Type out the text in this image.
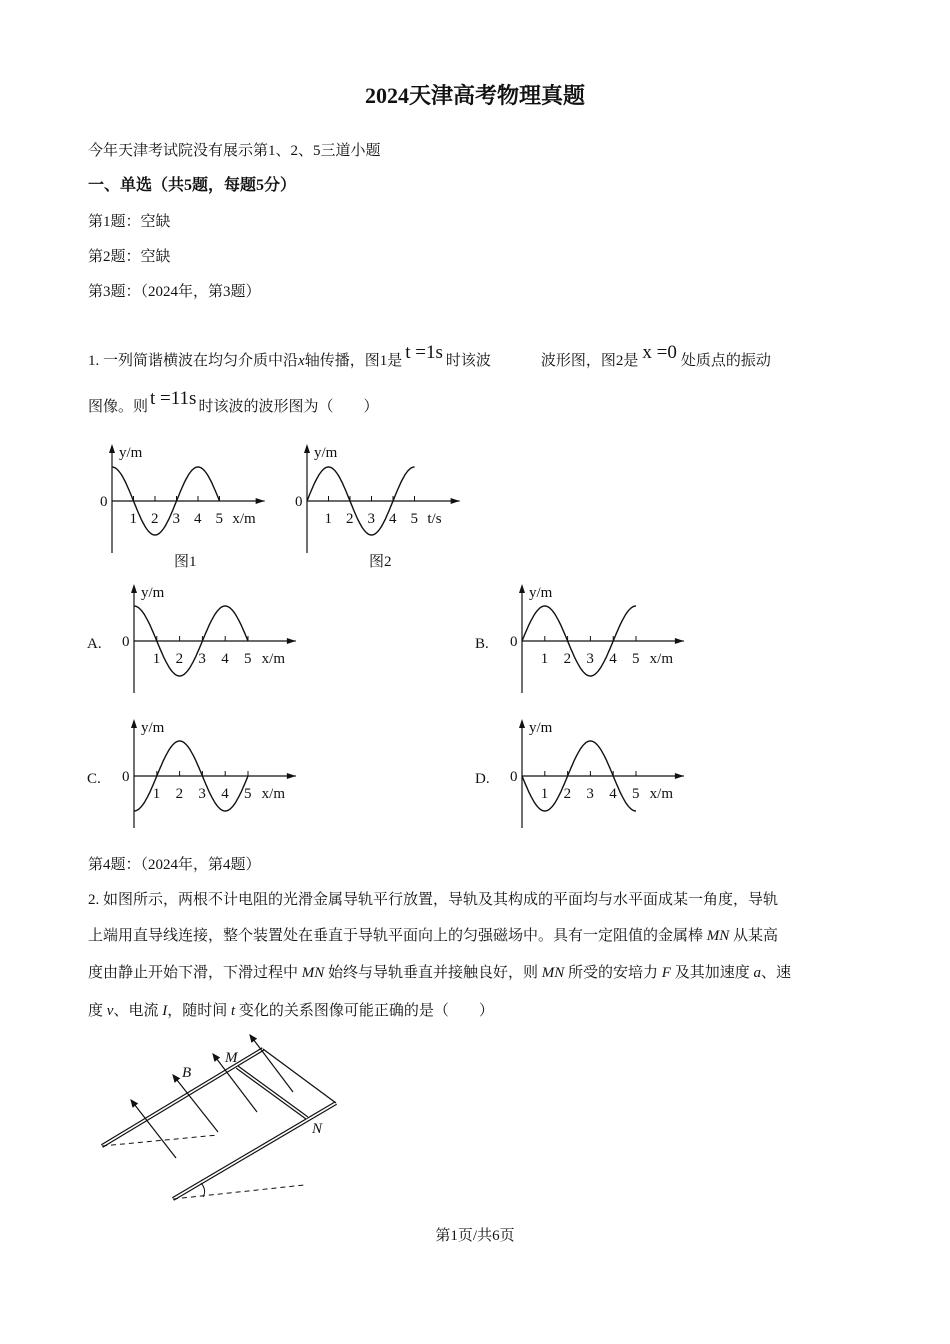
2024天津高考物理真题
今年天津考试院没有展示第1、2、5三道小题
一、单选（共5题，每题5分）
第1题：空缺
第2题：空缺
第3题：（2024年，第3题）
1. 一列简谐横波在均匀介质中沿x轴传播，图1是 t =1s 时该波	波形图，图2是 x =0 处质点的振动
图像。则 t =11s 时该波的波形图为（　　）
1 2 3 4 5
0
y/m
x/m	1 2 3 4 5
0
y/m
t/s
1 2 3 4 5
0
y/m
x/m	1 2 3 4 5
0
y/m
x/m
1 2 3 4 5
0
y/m
x/m	1 2 3 4 5
0
y/m
x/m
图1	图2
A.	B.
C.	D.
第4题：（2024年，第4题）
2. 如图所示，两根不计电阻的光滑金属导轨平行放置，导轨及其构成的平面均与水平面成某一角度，导轨
上端用直导线连接，整个装置处在垂直于导轨平面向上的匀强磁场中。具有一定阻值的金属棒 MN 从某高
度由静止开始下滑，下滑过程中 MN 始终与导轨垂直并接触良好，则 MN 所受的安培力 F 及其加速度 a、速
度 v、电流 I，随时间 t 变化的关系图像可能正确的是（　　）
B
M
N
第1页/共6页
